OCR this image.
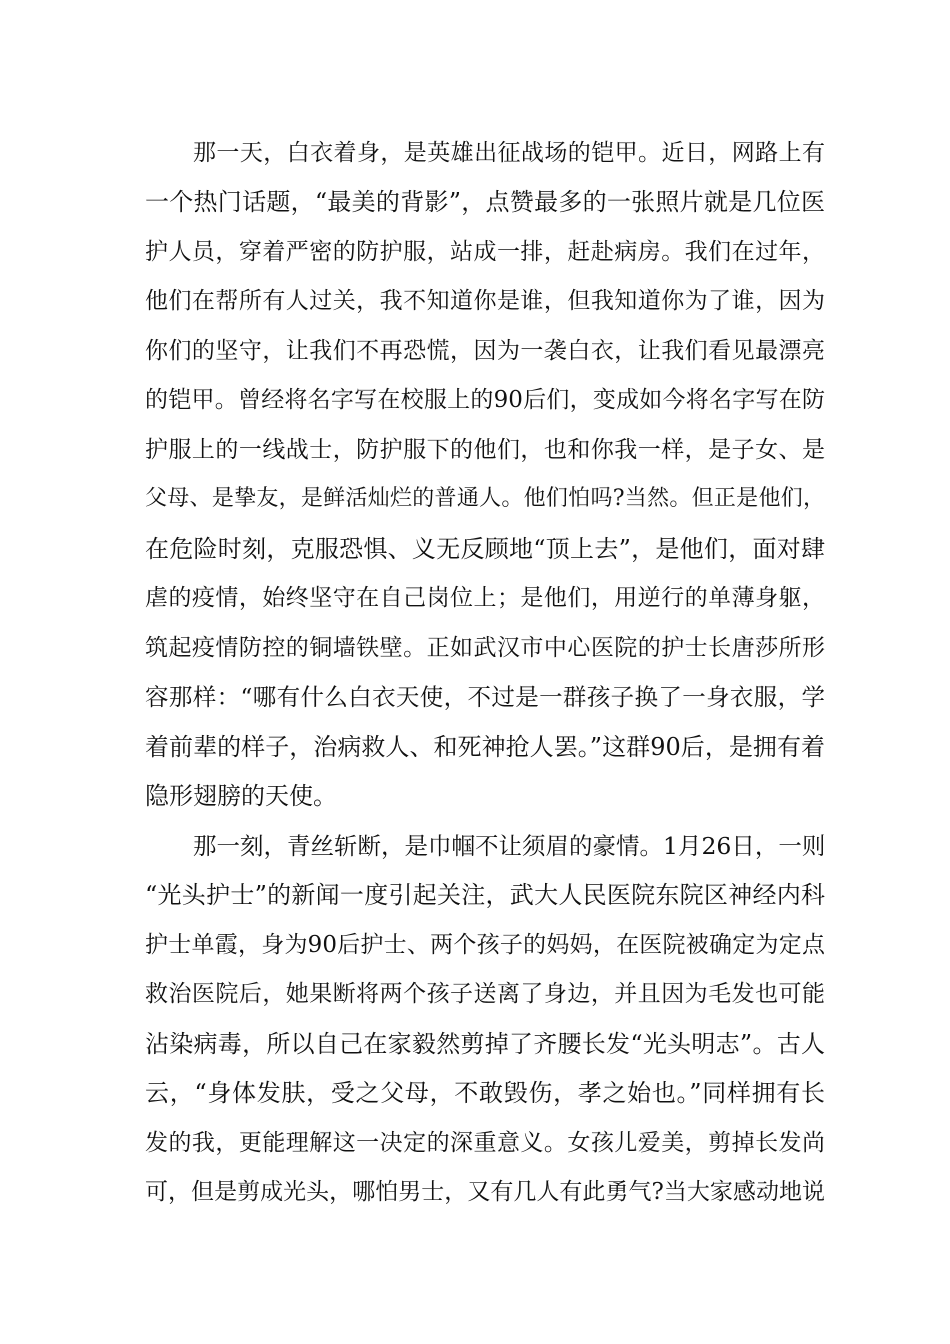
那一天，白衣着身，是英雄出征战场的铠甲。近日，网路上有
一个热门话题，“最美的背影”，点赞最多的一张照片就是几位医
护人员，穿着严密的防护服，站成一排，赶赴病房。我们在过年，
他们在帮所有人过关，我不知道你是谁，但我知道你为了谁，因为
你们的坚守，让我们不再恐慌，因为一袭白衣，让我们看见最漂亮
的铠甲。曾经将名字写在校服上的90后们，变成如今将名字写在防
护服上的一线战士，防护服下的他们，也和你我一样，是子女、是
父母、是挚友，是鲜活灿烂的普通人。他们怕吗?当然。但正是他们，
在危险时刻，克服恐惧、义无反顾地“顶上去”，是他们，面对肆
虐的疫情，始终坚守在自己岗位上；是他们，用逆行的单薄身躯，
筑起疫情防控的铜墙铁壁。正如武汉市中心医院的护士长唐莎所形
容那样：“哪有什么白衣天使，不过是一群孩子换了一身衣服，学
着前辈的样子，治病救人、和死神抢人罢。”这群90后，是拥有着
隐形翅膀的天使。
那一刻，青丝斩断，是巾帼不让须眉的豪情。1月26日，一则
“光头护士”的新闻一度引起关注，武大人民医院东院区神经内科
护士单霞，身为90后护士、两个孩子的妈妈，在医院被确定为定点
救治医院后，她果断将两个孩子送离了身边，并且因为毛发也可能
沾染病毒，所以自己在家毅然剪掉了齐腰长发“光头明志”。古人
云，“身体发肤，受之父母，不敢毁伤，孝之始也。”同样拥有长
发的我，更能理解这一决定的深重意义。女孩儿爱美，剪掉长发尚
可，但是剪成光头，哪怕男士，又有几人有此勇气?当大家感动地说
